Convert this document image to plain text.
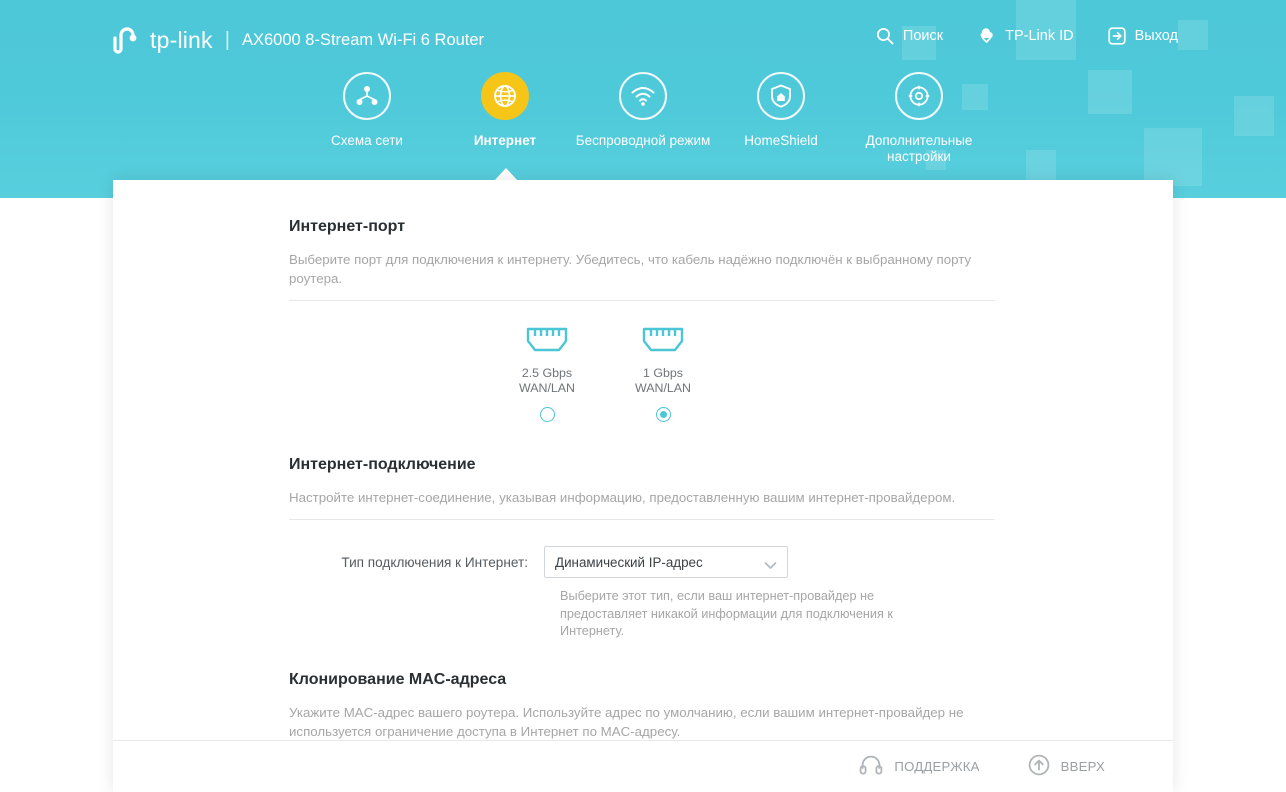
tp-link | AX6000 8-Stream Wi-Fi 6 Router	Поиск	TP-Link ID	Выход
Схема сети	Интернет	Беспроводной режим	HomeShield	Дополнительные настройки
Интернет-порт
Выберите порт для подключения к интернету. Убедитесь, что кабель надёжно подключён к выбранному порту роутера.
2.5 Gbps
WAN/LAN
1 Gbps
WAN/LAN
Интернет-подключение
Настройте интернет-соединение, указывая информацию, предоставленную вашим интернет-провайдером.
Тип подключения к Интернет:	Динамический IP-адрес
Выберите этот тип, если ваш интернет-провайдер не предоставляет никакой информации для подключения к Интернету.
Клонирование MAC-адреса
Укажите MAC-адрес вашего роутера. Используйте адрес по умолчанию, если вашим интернет-провайдер не используется ограничение доступа в Интернет по MAC-адресу.
ПОДДЕРЖКА	ВВЕРХ
